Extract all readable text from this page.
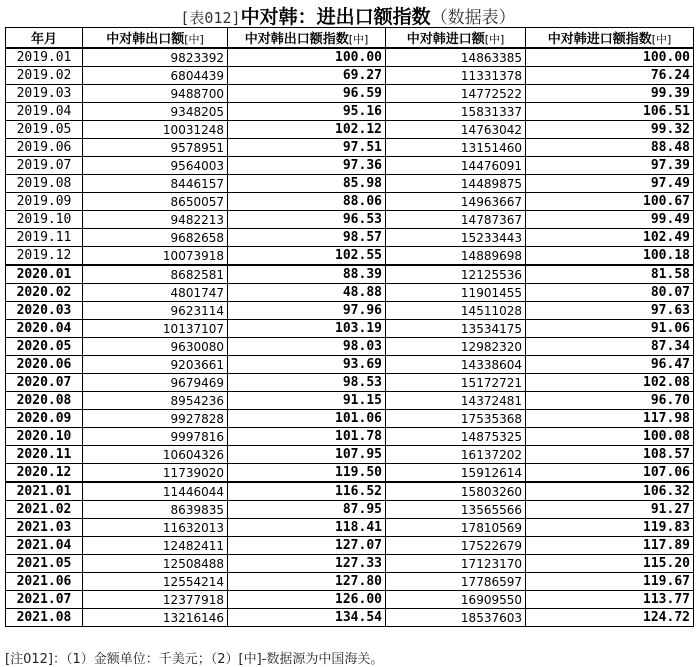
[表012]中对韩：进出口额指数（数据表）
年月	中对韩出口额[中]	中对韩出口额指数[中]	中对韩进口额[中]	中对韩进口额指数[中]
2019.01	9823392	100.00	14863385	100.00
2019.02	6804439	69.27	11331378	76.24
2019.03	9488700	96.59	14772522	99.39
2019.04	9348205	95.16	15831337	106.51
2019.05	10031248	102.12	14763042	99.32
2019.06	9578951	97.51	13151460	88.48
2019.07	9564003	97.36	14476091	97.39
2019.08	8446157	85.98	14489875	97.49
2019.09	8650057	88.06	14963667	100.67
2019.10	9482213	96.53	14787367	99.49
2019.11	9682658	98.57	15233443	102.49
2019.12	10073918	102.55	14889698	100.18
2020.01	8682581	88.39	12125536	81.58
2020.02	4801747	48.88	11901455	80.07
2020.03	9623114	97.96	14511028	97.63
2020.04	10137107	103.19	13534175	91.06
2020.05	9630080	98.03	12982320	87.34
2020.06	9203661	93.69	14338604	96.47
2020.07	9679469	98.53	15172721	102.08
2020.08	8954236	91.15	14372481	96.70
2020.09	9927828	101.06	17535368	117.98
2020.10	9997816	101.78	14875325	100.08
2020.11	10604326	107.95	16137202	108.57
2020.12	11739020	119.50	15912614	107.06
2021.01	11446044	116.52	15803260	106.32
2021.02	8639835	87.95	13565566	91.27
2021.03	11632013	118.41	17810569	119.83
2021.04	12482411	127.07	17522679	117.89
2021.05	12508488	127.33	17123170	115.20
2021.06	12554214	127.80	17786597	119.67
2021.07	12377918	126.00	16909550	113.77
2021.08	13216146	134.54	18537603	124.72
[注012]：（1）金额单位：千美元；（2）[中]-数据源为中国海关。
